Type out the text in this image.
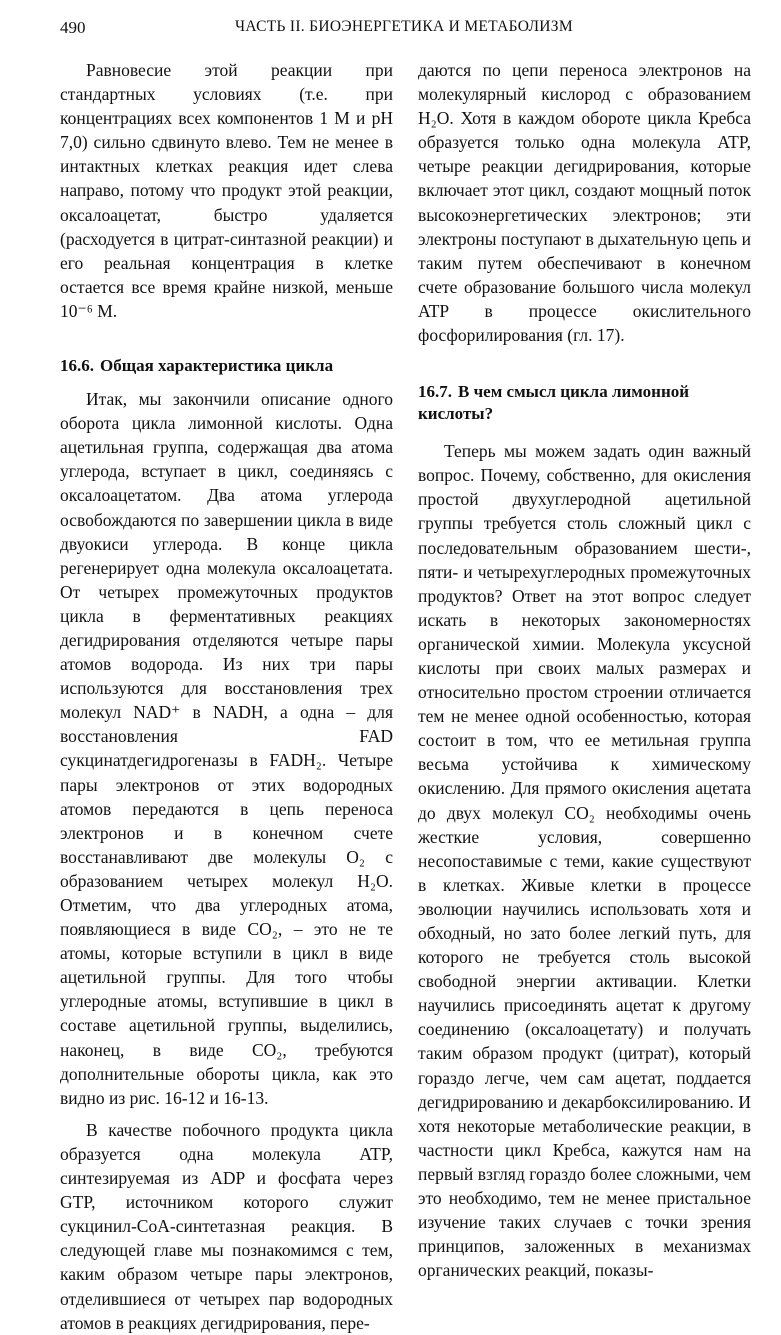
490	ЧАСТЬ II. БИОЭНЕРГЕТИКА И МЕТАБОЛИЗМ

Равновесие этой реакции при стандартных условиях (т.е. при концентрациях всех компонентов 1 М и pH 7,0) сильно сдвинуто влево. Тем не менее в интактных клетках реакция идет слева направо, потому что продукт этой реакции, оксалоацетат, быстро удаляется (расходуется в цитрат-синтазной реакции) и его реальная концентрация в клетке остается все время крайне низкой, меньше 10⁻⁶ М.

16.6. Общая характеристика цикла

Итак, мы закончили описание одного оборота цикла лимонной кислоты. Одна ацетильная группа, содержащая два атома углерода, вступает в цикл, соединяясь с оксалоацетатом. Два атома углерода освобождаются по завершении цикла в виде двуокиси углерода. В конце цикла регенерирует одна молекула оксалоацетата. От четырех промежуточных продуктов цикла в ферментативных реакциях дегидрирования отделяются четыре пары атомов водорода. Из них три пары используются для восстановления трех молекул NAD⁺ в NADH, а одна – для восстановления FAD сукцинатдегидрогеназы в FADH₂. Четыре пары электронов от этих водородных атомов передаются в цепь переноса электронов и в конечном счете восстанавливают две молекулы O₂ с образованием четырех молекул H₂O. Отметим, что два углеродных атома, появляющиеся в виде CO₂, – это не те атомы, которые вступили в цикл в виде ацетильной группы. Для того чтобы углеродные атомы, вступившие в цикл в составе ацетильной группы, выделились, наконец, в виде CO₂, требуются дополнительные обороты цикла, как это видно из рис. 16-12 и 16-13.

В качестве побочного продукта цикла образуется одна молекула ATP, синтезируемая из ADP и фосфата через GTP, источником которого служит сукцинил-CoA-синтетазная реакция. В следующей главе мы познакомимся с тем, каким образом четыре пары электронов, отделившиеся от четырех пар водородных атомов в реакциях дегидрирования, пере-

даются по цепи переноса электронов на молекулярный кислород с образованием H₂O. Хотя в каждом обороте цикла Кребса образуется только одна молекула ATP, четыре реакции дегидрирования, которые включает этот цикл, создают мощный поток высокоэнергетических электронов; эти электроны поступают в дыхательную цепь и таким путем обеспечивают в конечном счете образование большого числа молекул ATP в процессе окислительного фосфорилирования (гл. 17).

16.7. В чем смысл цикла лимонной кислоты?

Теперь мы можем задать один важный вопрос. Почему, собственно, для окисления простой двухуглеродной ацетильной группы требуется столь сложный цикл с последовательным образованием шести-, пяти- и четырехуглеродных промежуточных продуктов? Ответ на этот вопрос следует искать в некоторых закономерностях органической химии. Молекула уксусной кислоты при своих малых размерах и относительно простом строении отличается тем не менее одной особенностью, которая состоит в том, что ее метильная группа весьма устойчива к химическому окислению. Для прямого окисления ацетата до двух молекул CO₂ необходимы очень жесткие условия, совершенно несопоставимые с теми, какие существуют в клетках. Живые клетки в процессе эволюции научились использовать хотя и обходный, но зато более легкий путь, для которого не требуется столь высокой свободной энергии активации. Клетки научились присоединять ацетат к другому соединению (оксалоацетату) и получать таким образом продукт (цитрат), который гораздо легче, чем сам ацетат, поддается дегидрированию и декарбоксилированию. И хотя некоторые метаболические реакции, в частности цикл Кребса, кажутся нам на первый взгляд гораздо более сложными, чем это необходимо, тем не менее пристальное изучение таких случаев с точки зрения принципов, заложенных в механизмах органических реакций, показы-
